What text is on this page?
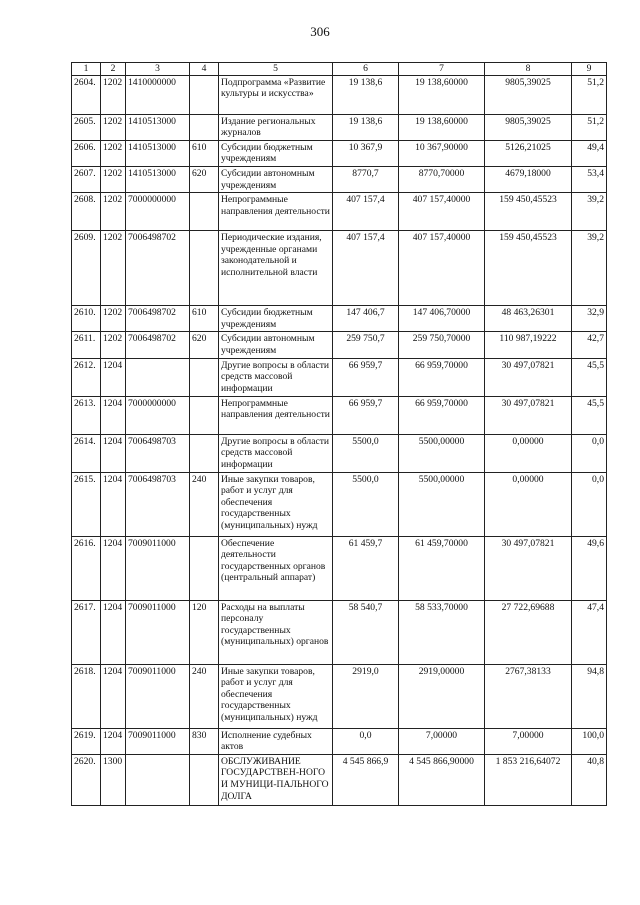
306
1	2	3	4	5	6	7	8	9
2604.	1202	1410000000		Подпрограмма «Развитие культуры и искусства»	19 138,6	19 138,60000	9805,39025	51,2
2605.	1202	1410513000		Издание региональных журналов	19 138,6	19 138,60000	9805,39025	51,2
2606.	1202	1410513000	610	Субсидии бюджетным учреждениям	10 367,9	10 367,90000	5126,21025	49,4
2607.	1202	1410513000	620	Субсидии автономным учреждениям	8770,7	8770,70000	4679,18000	53,4
2608.	1202	7000000000		Непрограммные направления деятельности	407 157,4	407 157,40000	159 450,45523	39,2
2609.	1202	7006498702		Периодические издания, учрежденные органами законодательной и исполнительной власти	407 157,4	407 157,40000	159 450,45523	39,2
2610.	1202	7006498702	610	Субсидии бюджетным учреждениям	147 406,7	147 406,70000	48 463,26301	32,9
2611.	1202	7006498702	620	Субсидии автономным учреждениям	259 750,7	259 750,70000	110 987,19222	42,7
2612.	1204			Другие вопросы в области средств массовой информации	66 959,7	66 959,70000	30 497,07821	45,5
2613.	1204	7000000000		Непрограммные направления деятельности	66 959,7	66 959,70000	30 497,07821	45,5
2614.	1204	7006498703		Другие вопросы в области средств массовой информации	5500,0	5500,00000	0,00000	0,0
2615.	1204	7006498703	240	Иные закупки товаров, работ и услуг для обеспечения государственных (муниципальных) нужд	5500,0	5500,00000	0,00000	0,0
2616.	1204	7009011000		Обеспечение деятельности государственных органов (центральный аппарат)	61 459,7	61 459,70000	30 497,07821	49,6
2617.	1204	7009011000	120	Расходы на выплаты персоналу государственных (муниципальных) органов	58 540,7	58 533,70000	27 722,69688	47,4
2618.	1204	7009011000	240	Иные закупки товаров, работ и услуг для обеспечения государственных (муниципальных) нужд	2919,0	2919,00000	2767,38133	94,8
2619.	1204	7009011000	830	Исполнение судебных актов	0,0	7,00000	7,00000	100,0
2620.	1300			ОБСЛУЖИВАНИЕ ГОСУДАРСТВЕН-НОГО И МУНИЦИ-ПАЛЬНОГО ДОЛГА	4 545 866,9	4 545 866,90000	1 853 216,64072	40,8
